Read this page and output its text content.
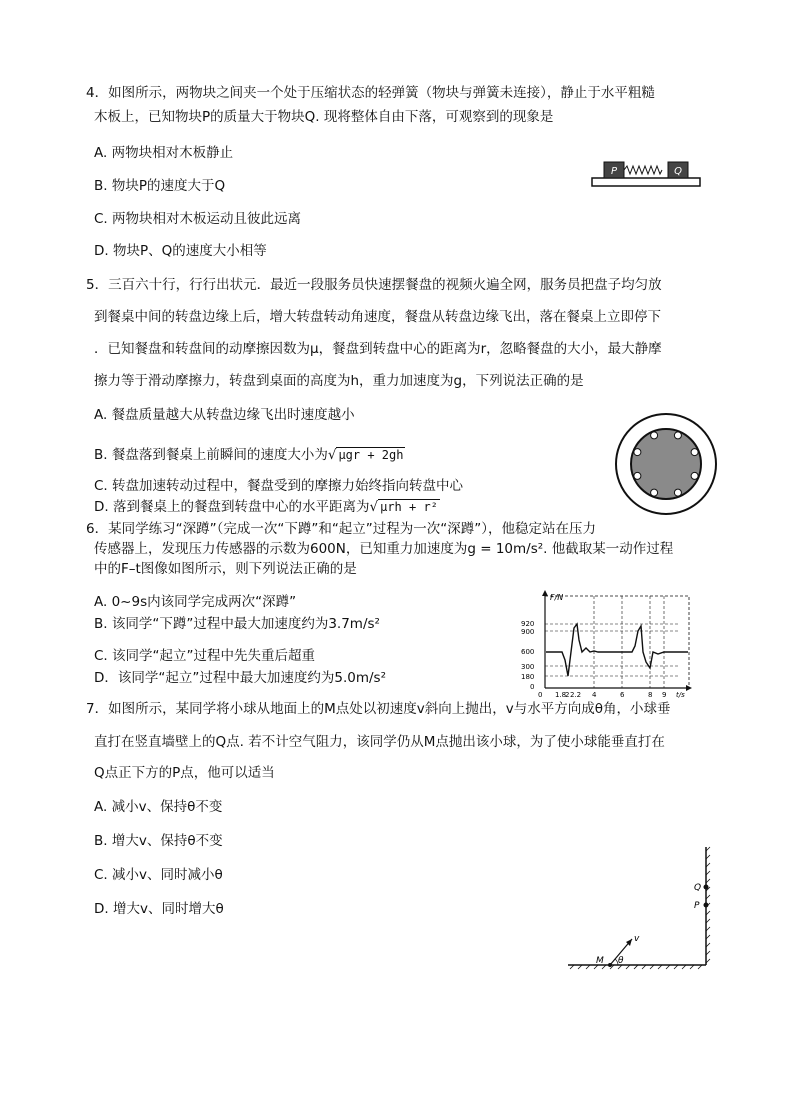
4．如图所示，两物块之间夹一个处于压缩状态的轻弹簧（物块与弹簧未连接），静止于水平粗糙
木板上，已知物块P的质量大于物块Q. 现将整体自由下落，可观察到的现象是
A. 两物块相对木板静止
B. 物块P的速度大于Q
C. 两物块相对木板运动且彼此远离
D. 物块P、Q的速度大小相等
P	Q
5．三百六十行，行行出状元．最近一段服务员快速摆餐盘的视频火遍全网，服务员把盘子均匀放
到餐桌中间的转盘边缘上后，增大转盘转动角速度，餐盘从转盘边缘飞出，落在餐桌上立即停下
．已知餐盘和转盘间的动摩擦因数为μ，餐盘到转盘中心的距离为r，忽略餐盘的大小，最大静摩
擦力等于滑动摩擦力，转盘到桌面的高度为h，重力加速度为g，下列说法正确的是
A. 餐盘质量越大从转盘边缘飞出时速度越小
B. 餐盘落到餐桌上前瞬间的速度大小为√ μgr + 2gh
C. 转盘加速转动过程中，餐盘受到的摩擦力始终指向转盘中心
D. 落到餐桌上的餐盘到转盘中心的水平距离为√ μrh + r²
6．某同学练习“深蹲”（完成一次“下蹲”和“起立”过程为一次“深蹲”），他稳定站在压力
传感器上，发现压力传感器的示数为600N，已知重力加速度为g = 10m/s². 他截取某一动作过程
中的F–t图像如图所示，则下列说法正确的是
A. 0~9s内该同学完成两次“深蹲”
B. 该同学“下蹲”过程中最大加速度约为3.7m/s²
C. 该同学“起立”过程中先失重后超重
D．该同学“起立”过程中最大加速度约为5.0m/s²
F/N
920
900
600
300
180
0
0 1.8
2 2.2 4	6	8 9 t/s
7．如图所示，某同学将小球从地面上的M点处以初速度v斜向上抛出，v与水平方向成θ角，小球垂
直打在竖直墙壁上的Q点. 若不计空气阻力，该同学仍从M点抛出该小球，为了使小球能垂直打在
Q点正下方的P点，他可以适当
A. 减小v、保持θ不变
B. 增大v、保持θ不变
C. 减小v、同时减小θ
D. 增大v、同时增大θ
Q
P
M
v
θ
